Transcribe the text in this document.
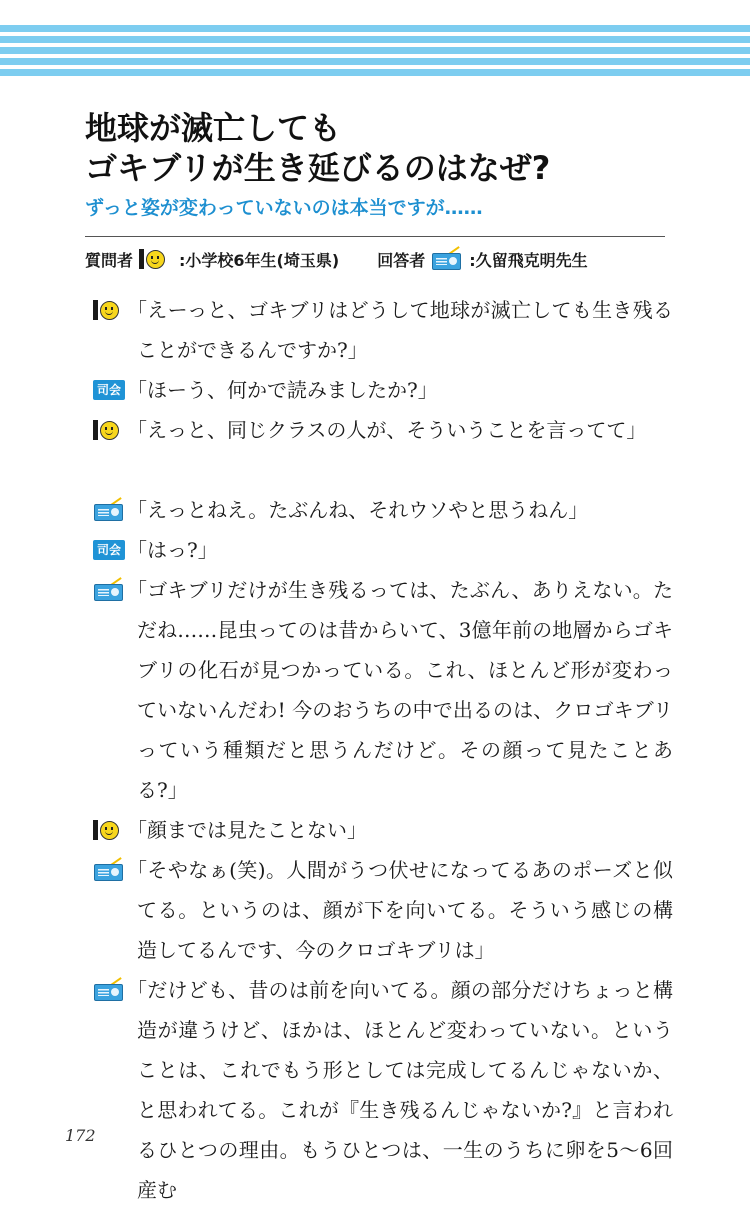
地球が滅亡しても
ゴキブリが生き延びるのはなぜ?

ずっと姿が変わっていないのは本当ですが……

質問者	:小学校6年生(埼玉県) 回答者	:久留飛克明先生

「えーっと、ゴキブリはどうして地球が滅亡しても生き残ることができるんですか?」

司会 「ほーう、何かで読みましたか?」

「えっと、同じクラスの人が、そういうことを言ってて」

「えっとねえ。たぶんね、それウソやと思うねん」

司会 「はっ?」

「ゴキブリだけが生き残るっては、たぶん、ありえない。ただね……昆虫ってのは昔からいて、3億年前の地層からゴキブリの化石が見つかっている。これ、ほとんど形が変わっていないんだわ! 今のおうちの中で出るのは、クロゴキブリっていう種類だと思うんだけど。その顔って見たことある?」

「顔までは見たことない」

「そやなぁ(笑)。人間がうつ伏せになってるあのポーズと似てる。というのは、顔が下を向いてる。そういう感じの構造してるんです、今のクロゴキブリは」

「だけども、昔のは前を向いてる。顔の部分だけちょっと構造が違うけど、ほかは、ほとんど変わっていない。ということは、これでもう形としては完成してるんじゃないか、と思われてる。これが『生き残るんじゃないか?』と言われるひとつの理由。もうひとつは、一生のうちに卵を5〜6回産む

172
